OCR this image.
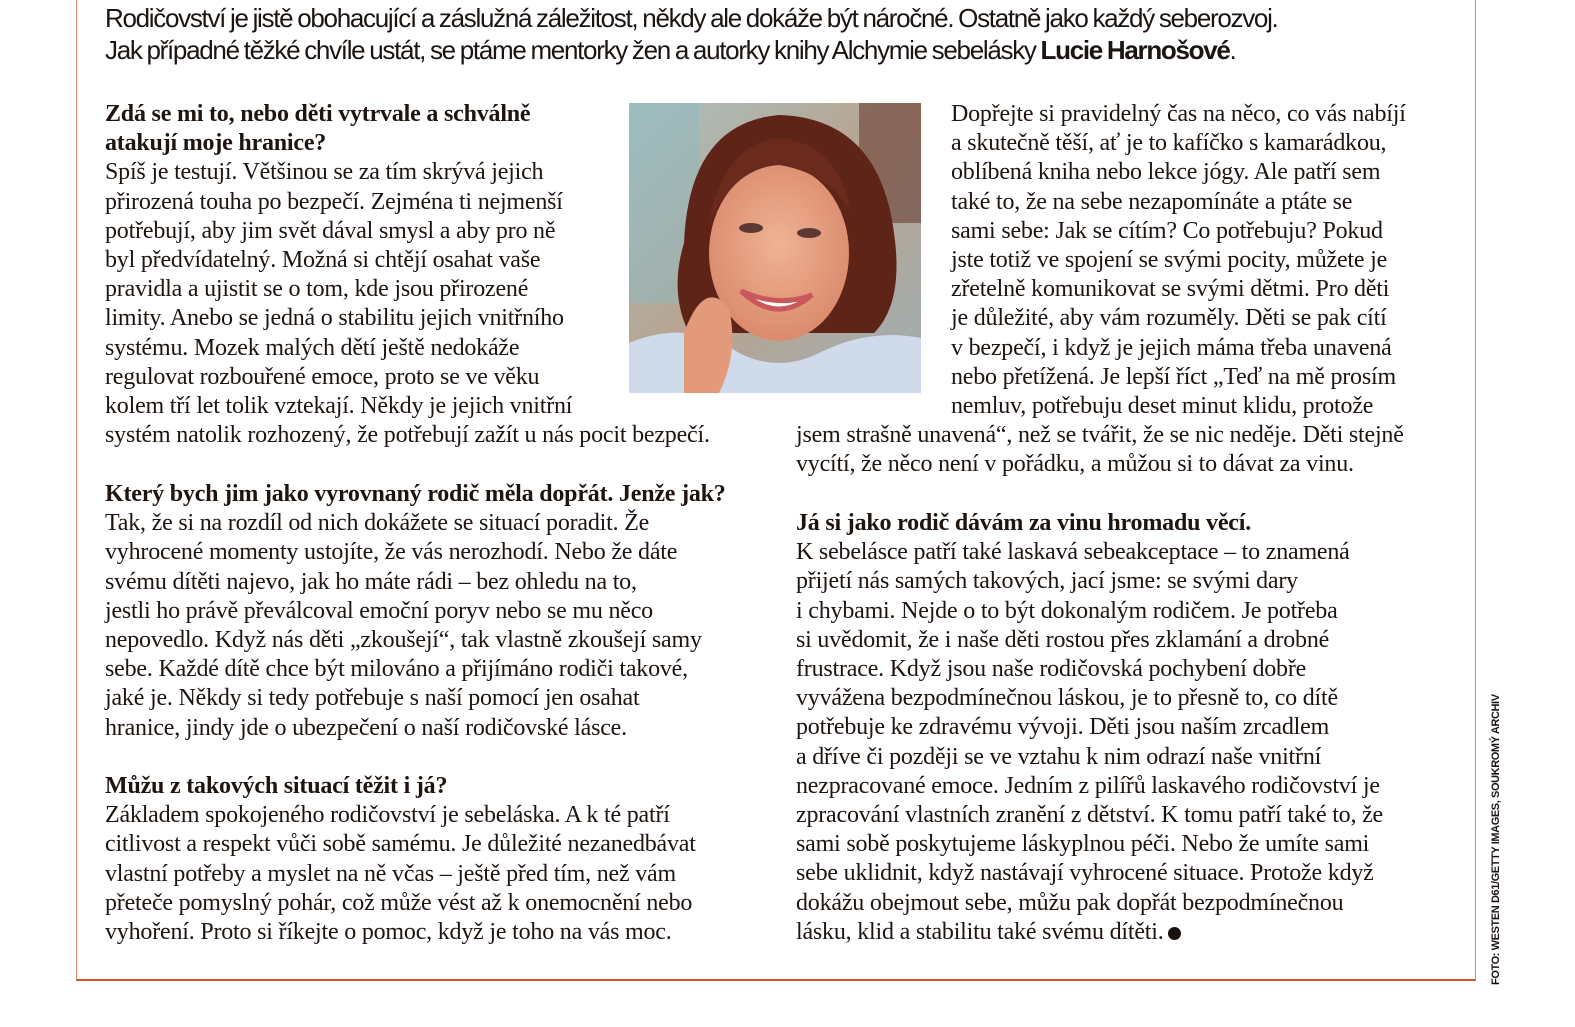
Rodičovství je jistě obohacující a záslužná záležitost, někdy ale dokáže být náročné. Ostatně jako každý seberozvoj.
Jak případné těžké chvíle ustát, se ptáme mentorky žen a autorky knihy Alchymie sebelásky Lucie Harnošové.
Zdá se mi to, nebo děti vytrvale a schválně
atakují moje hranice?
Spíš je testují. Většinou se za tím skrývá jejich
přirozená touha po bezpečí. Zejména ti nejmenší
potřebují, aby jim svět dával smysl a aby pro ně
byl předvídatelný. Možná si chtějí osahat vaše
pravidla a ujistit se o tom, kde jsou přirozené
limity. Anebo se jedná o stabilitu jejich vnitřního
systému. Mozek malých dětí ještě nedokáže
regulovat rozbouřené emoce, proto se ve věku
kolem tří let tolik vztekají. Někdy je jejich vnitřní
systém natolik rozhozený, že potřebují zažít u nás pocit bezpečí.
Který bych jim jako vyrovnaný rodič měla dopřát. Jenže jak?
Tak, že si na rozdíl od nich dokážete se situací poradit. Že
vyhrocené momenty ustojíte, že vás nerozhodí. Nebo že dáte
svému dítěti najevo, jak ho máte rádi – bez ohledu na to,
jestli ho právě převálcoval emoční poryv nebo se mu něco
nepovedlo. Když nás děti „zkoušejí“, tak vlastně zkoušejí samy
sebe. Každé dítě chce být milováno a přijímáno rodiči takové,
jaké je. Někdy si tedy potřebuje s naší pomocí jen osahat
hranice, jindy jde o ubezpečení o naší rodičovské lásce.
Můžu z takových situací těžit i já?
Základem spokojeného rodičovství je sebeláska. A k té patří
citlivost a respekt vůči sobě samému. Je důležité nezanedbávat
vlastní potřeby a myslet na ně včas – ještě před tím, než vám
přeteče pomyslný pohár, což může vést až k onemocnění nebo
vyhoření. Proto si říkejte o pomoc, když je toho na vás moc.
Dopřejte si pravidelný čas na něco, co vás nabíjí
a skutečně těší, ať je to kafíčko s kamarádkou,
oblíbená kniha nebo lekce jógy. Ale patří sem
také to, že na sebe nezapomínáte a ptáte se
sami sebe: Jak se cítím? Co potřebuju? Pokud
jste totiž ve spojení se svými pocity, můžete je
zřetelně komunikovat se svými dětmi. Pro děti
je důležité, aby vám rozuměly. Děti se pak cítí
v bezpečí, i když je jejich máma třeba unavená
nebo přetížená. Je lepší říct „Teď na mě prosím
nemluv, potřebuju deset minut klidu, protože
jsem strašně unavená“, než se tvářit, že se nic neděje. Děti stejně
vycítí, že něco není v pořádku, a můžou si to dávat za vinu.
Já si jako rodič dávám za vinu hromadu věcí.
K sebelásce patří také laskavá sebeakceptace – to znamená
přijetí nás samých takových, jací jsme: se svými dary
i chybami. Nejde o to být dokonalým rodičem. Je potřeba
si uvědomit, že i naše děti rostou přes zklamání a drobné
frustrace. Když jsou naše rodičovská pochybení dobře
vyvážena bezpodmínečnou láskou, je to přesně to, co dítě
potřebuje ke zdravému vývoji. Děti jsou naším zrcadlem
a dříve či později se ve vztahu k nim odrazí naše vnitřní
nezpracované emoce. Jedním z pilířů laskavého rodičovství je
zpracování vlastních zranění z dětství. K tomu patří také to, že
sami sobě poskytujeme láskyplnou péči. Nebo že umíte sami
sebe uklidnit, když nastávají vyhrocené situace. Protože když
dokážu obejmout sebe, můžu pak dopřát bezpodmínečnou
lásku, klid a stabilitu také svému dítěti.	FOTO: WESTEN D61/GETTY IMAGES, SOUKROMÝ ARCHIV
